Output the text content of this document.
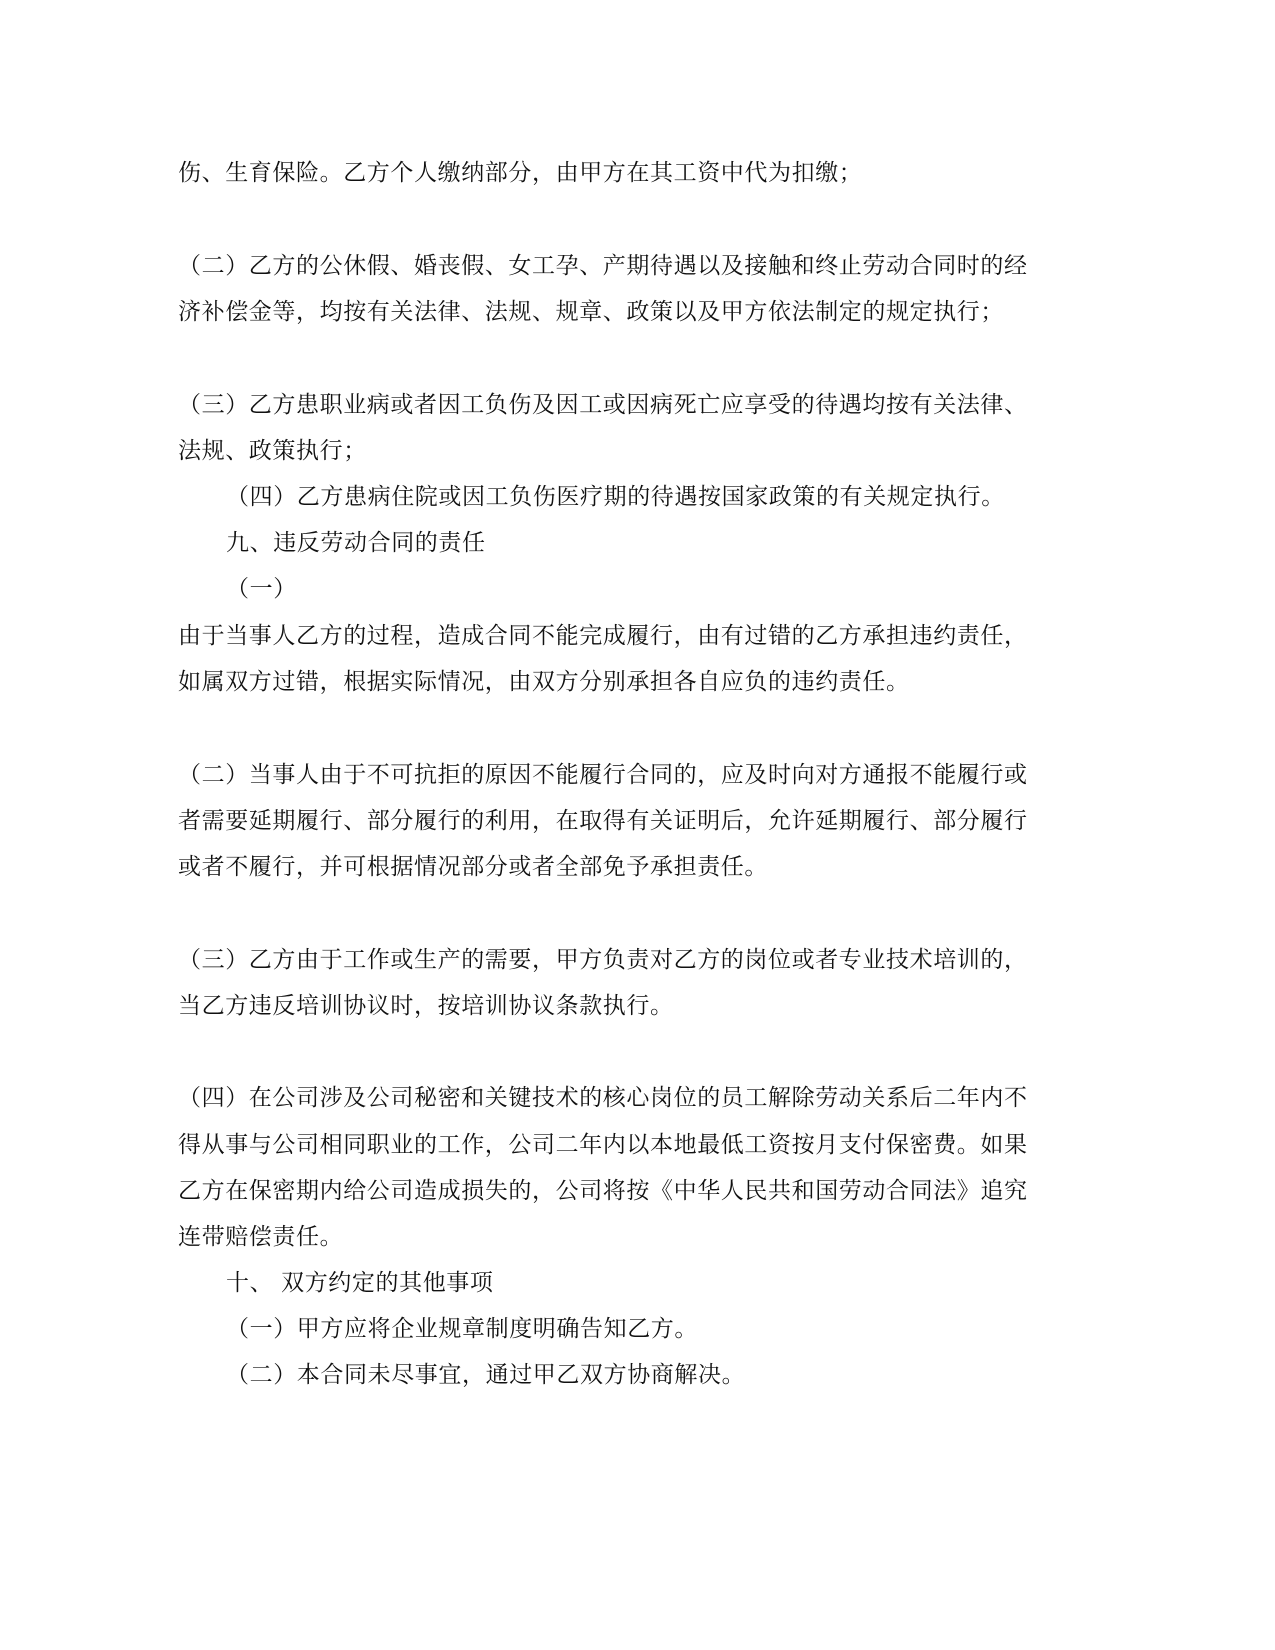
伤、生育保险。乙方个人缴纳部分，由甲方在其工资中代为扣缴；
（二）乙方的公休假、婚丧假、女工孕、产期待遇以及接触和终止劳动合同时的经
济补偿金等，均按有关法律、法规、规章、政策以及甲方依法制定的规定执行；
（三）乙方患职业病或者因工负伤及因工或因病死亡应享受的待遇均按有关法律、
法规、政策执行；
（四）乙方患病住院或因工负伤医疗期的待遇按国家政策的有关规定执行。
九、违反劳动合同的责任
（一）
由于当事人乙方的过程，造成合同不能完成履行，由有过错的乙方承担违约责任，
如属双方过错，根据实际情况，由双方分别承担各自应负的违约责任。
（二）当事人由于不可抗拒的原因不能履行合同的，应及时向对方通报不能履行或
者需要延期履行、部分履行的利用，在取得有关证明后，允许延期履行、部分履行
或者不履行，并可根据情况部分或者全部免予承担责任。
（三）乙方由于工作或生产的需要，甲方负责对乙方的岗位或者专业技术培训的，
当乙方违反培训协议时，按培训协议条款执行。
（四）在公司涉及公司秘密和关键技术的核心岗位的员工解除劳动关系后二年内不
得从事与公司相同职业的工作，公司二年内以本地最低工资按月支付保密费。如果
乙方在保密期内给公司造成损失的，公司将按《中华人民共和国劳动合同法》追究
连带赔偿责任。
十、 双方约定的其他事项
（一）甲方应将企业规章制度明确告知乙方。
（二）本合同未尽事宜，通过甲乙双方协商解决。
